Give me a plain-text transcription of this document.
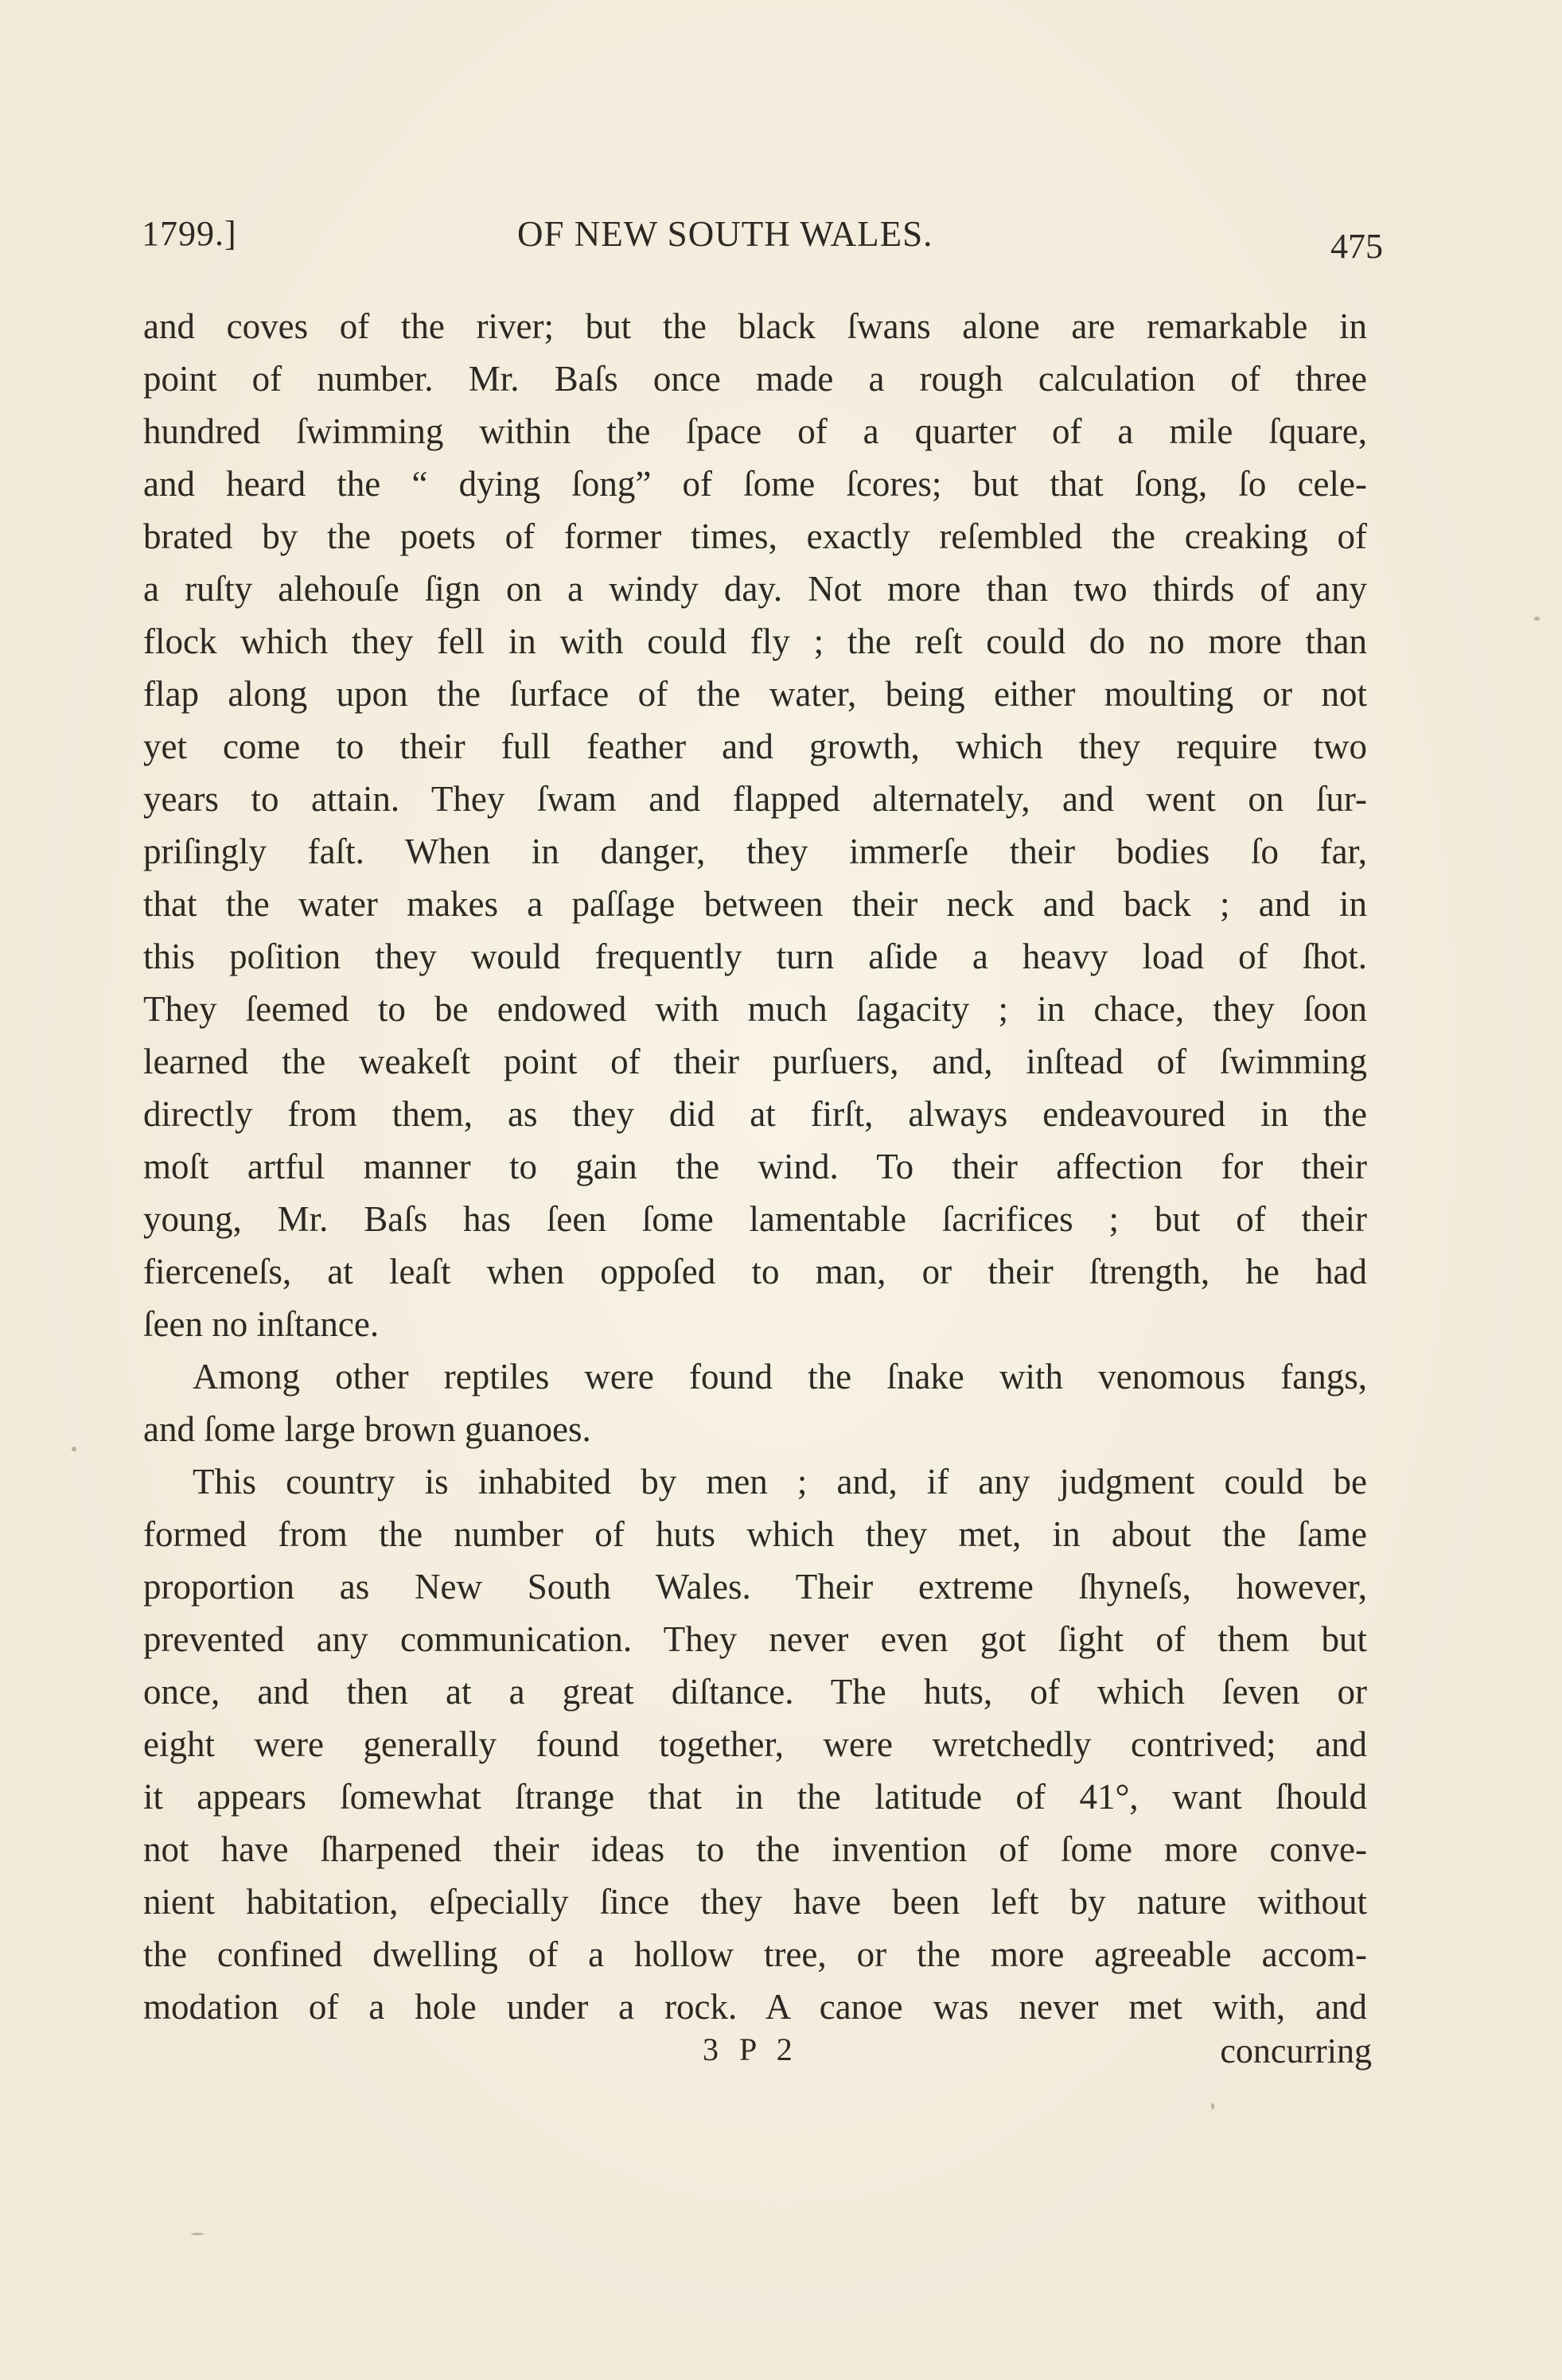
1799.]	OF NEW SOUTH WALES.	475
and coves of the river; but the black ſwans alone are remarkable in
point of number. Mr. Baſs once made a rough calculation of three
hundred ſwimming within the ſpace of a quarter of a mile ſquare,
and heard the “ dying ſong” of ſome ſcores; but that ſong, ſo cele-
brated by the poets of former times, exactly reſembled the creaking of
a ruſty alehouſe ſign on a windy day. Not more than two thirds of any
flock which they fell in with could fly ; the reſt could do no more than
flap along upon the ſurface of the water, being either moulting or not
yet come to their full feather and growth, which they require two
years to attain. They ſwam and flapped alternately, and went on ſur-
priſingly faſt. When in danger, they immerſe their bodies ſo far,
that the water makes a paſſage between their neck and back ; and in
this poſition they would frequently turn aſide a heavy load of ſhot.
They ſeemed to be endowed with much ſagacity ; in chace, they ſoon
learned the weakeſt point of their purſuers, and, inſtead of ſwimming
directly from them, as they did at firſt, always endeavoured in the
moſt artful manner to gain the wind. To their affection for their
young, Mr. Baſs has ſeen ſome lamentable ſacrifices ; but of their
fierceneſs, at leaſt when oppoſed to man, or their ſtrength, he had
ſeen no inſtance.
Among other reptiles were found the ſnake with venomous fangs,
and ſome large brown guanoes.
This country is inhabited by men ; and, if any judgment could be
formed from the number of huts which they met, in about the ſame
proportion as New South Wales. Their extreme ſhyneſs, however,
prevented any communication. They never even got ſight of them but
once, and then at a great diſtance. The huts, of which ſeven or
eight were generally found together, were wretchedly contrived; and
it appears ſomewhat ſtrange that in the latitude of 41°, want ſhould
not have ſharpened their ideas to the invention of ſome more conve-
nient habitation, eſpecially ſince they have been left by nature without
the confined dwelling of a hollow tree, or the more agreeable accom-
modation of a hole under a rock. A canoe was never met with, and
3 P 2	concurring
